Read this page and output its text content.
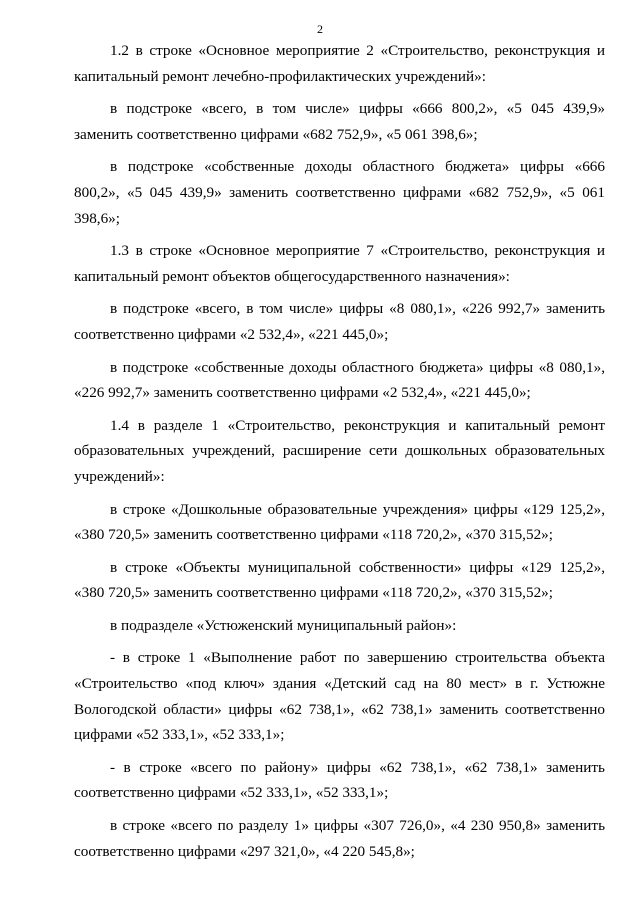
2

1.2 в строке «Основное мероприятие 2 «Строительство, реконструкция и капитальный ремонт лечебно-профилактических учреждений»:

в подстроке «всего, в том числе» цифры «666 800,2», «5 045 439,9» заменить соответственно цифрами «682 752,9», «5 061 398,6»;

в подстроке «собственные доходы областного бюджета» цифры «666 800,2», «5 045 439,9» заменить соответственно цифрами «682 752,9», «5 061 398,6»;

1.3 в строке «Основное мероприятие 7 «Строительство, реконструкция и капитальный ремонт объектов общегосударственного назначения»:

в подстроке «всего, в том числе» цифры «8 080,1», «226 992,7» заменить соответственно цифрами «2 532,4», «221 445,0»;

в подстроке «собственные доходы областного бюджета» цифры «8 080,1», «226 992,7» заменить соответственно цифрами «2 532,4», «221 445,0»;

1.4 в разделе 1 «Строительство, реконструкция и капитальный ремонт образовательных учреждений, расширение сети дошкольных образовательных учреждений»:

в строке «Дошкольные образовательные учреждения» цифры «129 125,2», «380 720,5» заменить соответственно цифрами «118 720,2», «370 315,52»;

в строке «Объекты муниципальной собственности» цифры «129 125,2», «380 720,5» заменить соответственно цифрами «118 720,2», «370 315,52»;

в подразделе «Устюженский муниципальный район»:

- в строке 1 «Выполнение работ по завершению строительства объекта «Строительство «под ключ» здания «Детский сад на 80 мест» в г. Устюжне Вологодской области» цифры «62 738,1», «62 738,1» заменить соответственно цифрами «52 333,1», «52 333,1»;

- в строке «всего по району» цифры «62 738,1», «62 738,1» заменить соответственно цифрами «52 333,1», «52 333,1»;

в строке «всего по разделу 1» цифры «307 726,0», «4 230 950,8» заменить соответственно цифрами «297 321,0», «4 220 545,8»;
